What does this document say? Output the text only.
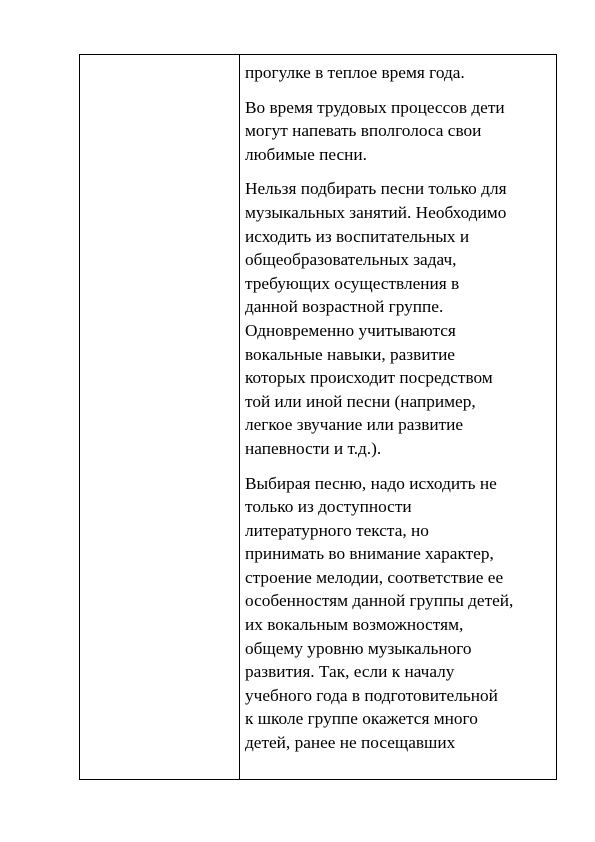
прогулке в теплое время года.
Во время трудовых процессов дети
могут напевать вполголоса свои
любимые песни.
Нельзя подбирать песни только для
музыкальных занятий. Необходимо
исходить из воспитательных и
общеобразовательных задач,
требующих осуществления в
данной возрастной группе.
Одновременно учитываются
вокальные навыки, развитие
которых происходит посредством
той или иной песни (например,
легкое звучание или развитие
напевности и т.д.).
Выбирая песню, надо исходить не
только из доступности
литературного текста, но
принимать во внимание характер,
строение мелодии, соответствие ее
особенностям данной группы детей,
их вокальным возможностям,
общему уровню музыкального
развития. Так, если к началу
учебного года в подготовительной
к школе группе окажется много
детей, ранее не посещавших
